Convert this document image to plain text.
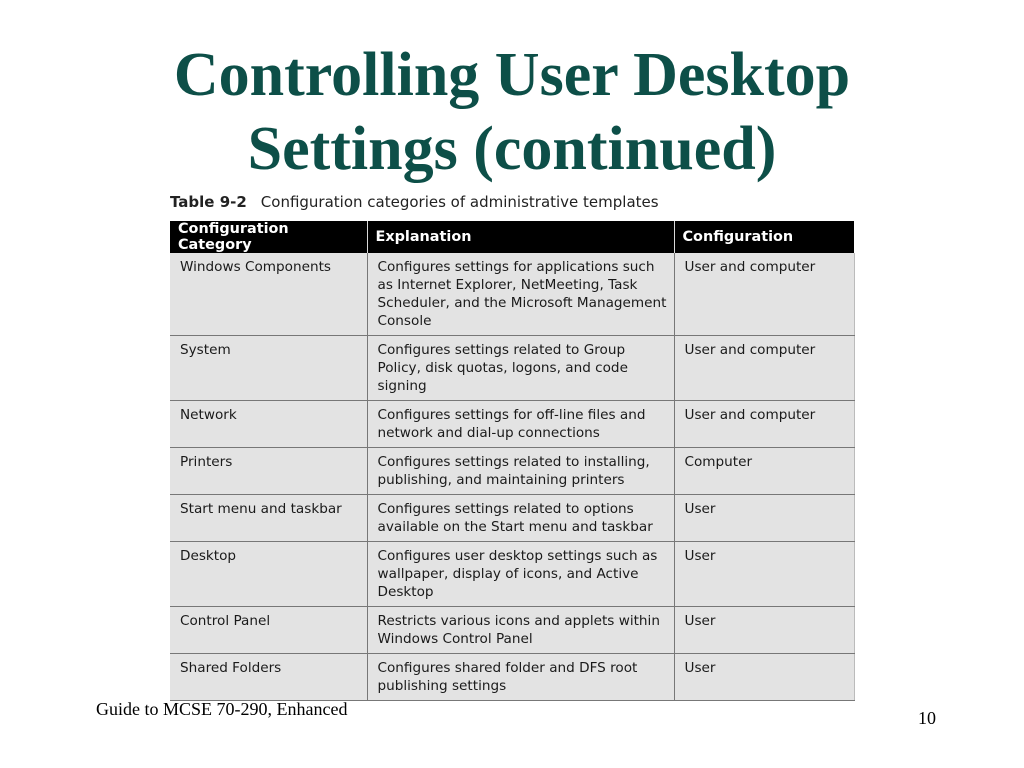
Controlling User Desktop
Settings (continued)
Table 9-2 Configuration categories of administrative templates
Configuration Category	Explanation	Configuration
Windows Components	Configures settings for applications such as Internet Explorer, NetMeeting, Task Scheduler, and the Microsoft Management Console	User and computer
System	Configures settings related to Group Policy, disk quotas, logons, and code signing	User and computer
Network	Configures settings for off-line files and network and dial-up connections	User and computer
Printers	Configures settings related to installing, publishing, and maintaining printers	Computer
Start menu and taskbar	Configures settings related to options available on the Start menu and taskbar	User
Desktop	Configures user desktop settings such as wallpaper, display of icons, and Active Desktop	User
Control Panel	Restricts various icons and applets within Windows Control Panel	User
Shared Folders	Configures shared folder and DFS root publishing settings	User
Guide to MCSE 70-290, Enhanced	10
